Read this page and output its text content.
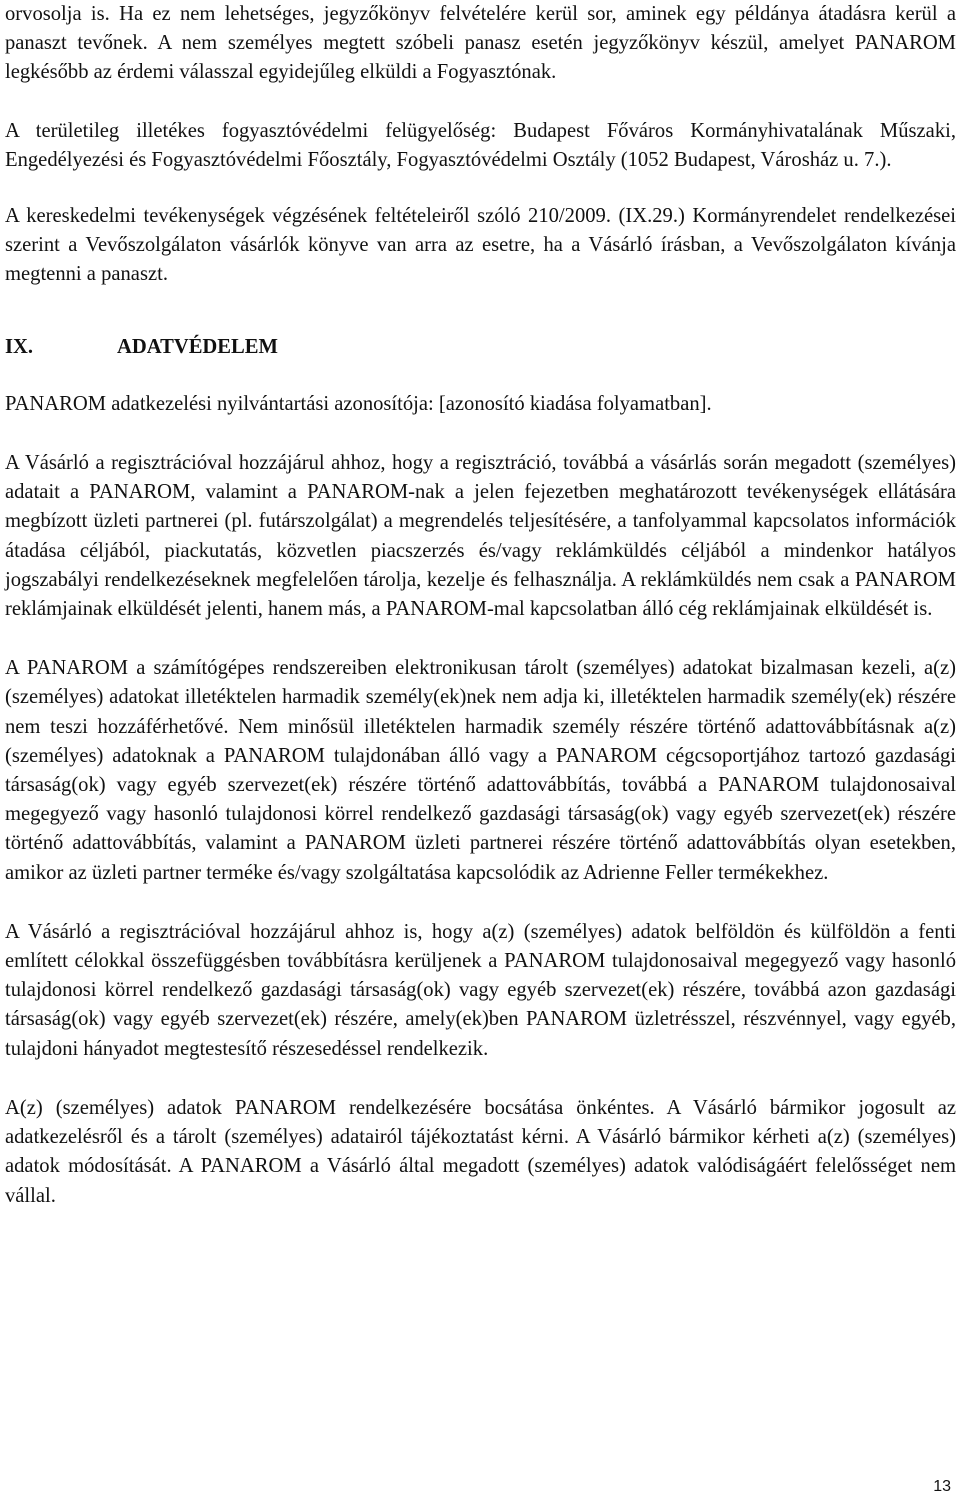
orvosolja is. Ha ez nem lehetséges, jegyzőkönyv felvételére kerül sor, aminek egy példánya átadásra kerül a panaszt tevőnek. A nem személyes megtett szóbeli panasz esetén jegyzőkönyv készül, amelyet PANAROM legkésőbb az érdemi válasszal egyidejűleg elküldi a Fogyasztónak.

A területileg illetékes fogyasztóvédelmi felügyelőség: Budapest Főváros Kormányhivatalának Műszaki, Engedélyezési és Fogyasztóvédelmi Főosztály, Fogyasztóvédelmi Osztály (1052 Budapest, Városház u. 7.).

A kereskedelmi tevékenységek végzésének feltételeiről szóló 210/2009. (IX.29.) Kormányrendelet rendelkezései szerint a Vevőszolgálaton vásárlók könyve van arra az esetre, ha a Vásárló írásban, a Vevőszolgálaton kívánja megtenni a panaszt.

IX.	ADATVÉDELEM

PANAROM adatkezelési nyilvántartási azonosítója: [azonosító kiadása folyamatban].

A Vásárló a regisztrációval hozzájárul ahhoz, hogy a regisztráció, továbbá a vásárlás során megadott (személyes) adatait a PANAROM, valamint a PANAROM-nak a jelen fejezetben meghatározott tevékenységek ellátására megbízott üzleti partnerei (pl. futárszolgálat) a megrendelés teljesítésére, a tanfolyammal kapcsolatos információk átadása céljából, piackutatás, közvetlen piacszerzés és/vagy reklámküldés céljából a mindenkor hatályos jogszabályi rendelkezéseknek megfelelően tárolja, kezelje és felhasználja. A reklámküldés nem csak a PANAROM reklámjainak elküldését jelenti, hanem más, a PANAROM-mal kapcsolatban álló cég reklámjainak elküldését is.

A PANAROM a számítógépes rendszereiben elektronikusan tárolt (személyes) adatokat bizalmasan kezeli, a(z) (személyes) adatokat illetéktelen harmadik személy(ek)nek nem adja ki, illetéktelen harmadik személy(ek) részére nem teszi hozzáférhetővé. Nem minősül illetéktelen harmadik személy részére történő adattovábbításnak a(z) (személyes) adatoknak a PANAROM tulajdonában álló vagy a PANAROM cégcsoportjához tartozó gazdasági társaság(ok) vagy egyéb szervezet(ek) részére történő adattovábbítás, továbbá a PANAROM tulajdonosaival megegyező vagy hasonló tulajdonosi körrel rendelkező gazdasági társaság(ok) vagy egyéb szervezet(ek) részére történő adattovábbítás, valamint a PANAROM üzleti partnerei részére történő adattovábbítás olyan esetekben, amikor az üzleti partner terméke és/vagy szolgáltatása kapcsolódik az Adrienne Feller termékekhez.

A Vásárló a regisztrációval hozzájárul ahhoz is, hogy a(z) (személyes) adatok belföldön és külföldön a fenti említett célokkal összefüggésben továbbításra kerüljenek a PANAROM tulajdonosaival megegyező vagy hasonló tulajdonosi körrel rendelkező gazdasági társaság(ok) vagy egyéb szervezet(ek) részére, továbbá azon gazdasági társaság(ok) vagy egyéb szervezet(ek) részére, amely(ek)ben PANAROM üzletrésszel, részvénnyel, vagy egyéb, tulajdoni hányadot megtestesítő részesedéssel rendelkezik.

A(z) (személyes) adatok PANAROM rendelkezésére bocsátása önkéntes. A Vásárló bármikor jogosult az adatkezelésről és a tárolt (személyes) adatairól tájékoztatást kérni. A Vásárló bármikor kérheti a(z) (személyes) adatok módosítását. A PANAROM a Vásárló által megadott (személyes) adatok valódiságáért felelősséget nem vállal.

13
